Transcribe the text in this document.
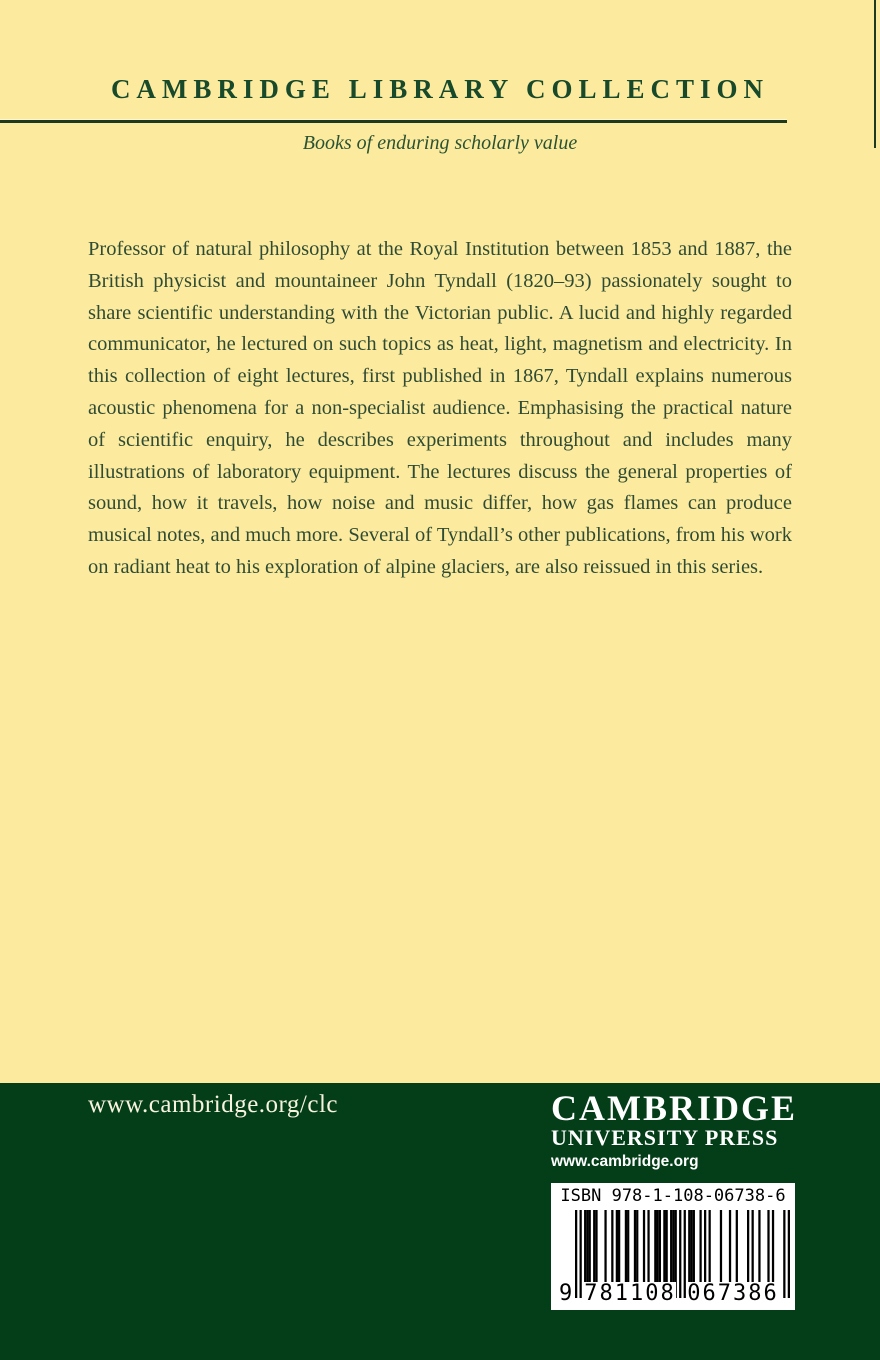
CAMBRIDGE LIBRARY COLLECTION
Books of enduring scholarly value

Professor of natural philosophy at the Royal Institution between 1853 and 1887, the British physicist and mountaineer John Tyndall (1820–93) passionately sought to share scientific understanding with the Victorian public. A lucid and highly regarded communicator, he lectured on such topics as heat, light, magnetism and electricity. In this collection of eight lectures, first published in 1867, Tyndall explains numerous acoustic phenomena for a non-specialist audience. Emphasising the practical nature of scientific enquiry, he describes experiments throughout and includes many illustrations of laboratory equipment. The lectures discuss the general properties of sound, how it travels, how noise and music differ, how gas flames can produce musical notes, and much more. Several of Tyndall’s other publications, from his work on radiant heat to his exploration of alpine glaciers, are also reissued in this series.

www.cambridge.org/clc	CAMBRIDGE
UNIVERSITY PRESS
www.cambridge.org
ISBN 978-1-108-06738-6
9 781108 067386
